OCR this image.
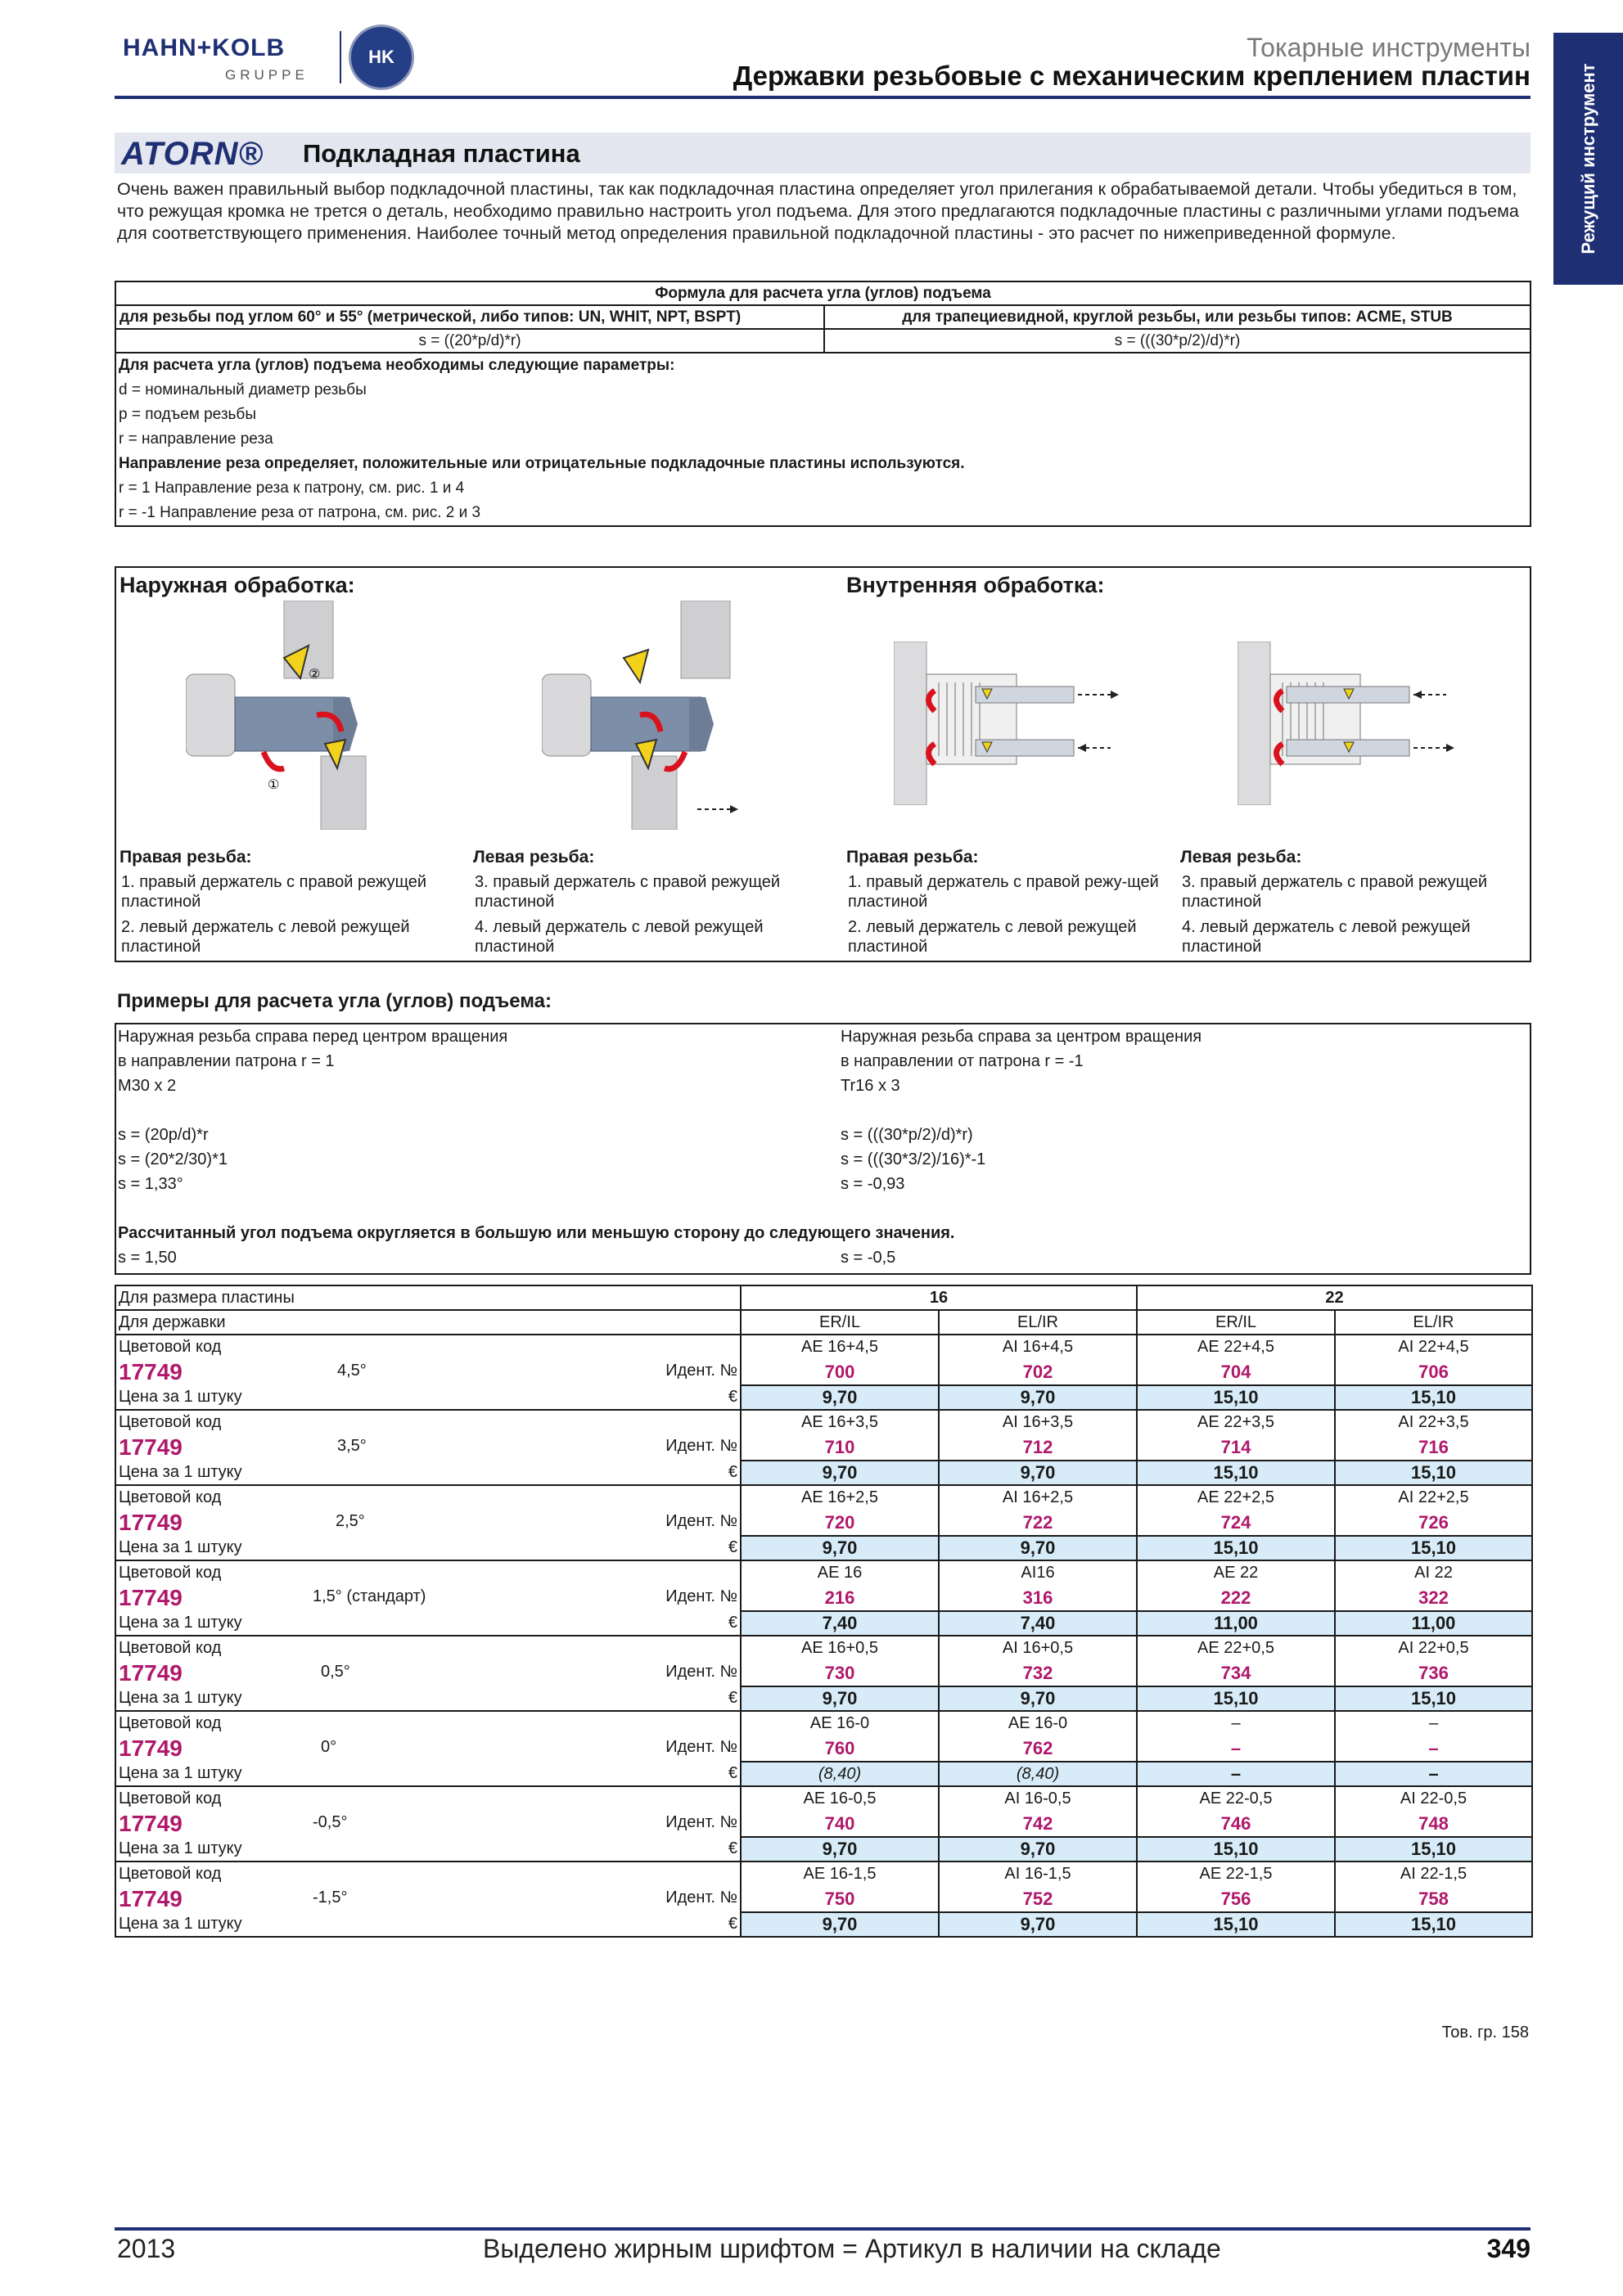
HAHN+KOLB
GRUPPE
HK	Токарные инструменты
Державки резьбовые с механическим креплением пластин	Режущий инструмент
ATORN® Подкладная пластина
Очень важен правильный выбор подкладочной пластины, так как подкладочная пластина определяет угол прилегания к обрабатываемой детали. Чтобы убедиться в том, что режущая кромка не трется о деталь, необходимо правильно настроить угол подъема. Для этого предлагаются подкладочные пластины с различными углами подъема для соответствующего применения. Наиболее точный метод определения правильной подкладочной пластины - это расчет по нижеприведенной формуле.
Формула для расчета угла (углов) подъема	
для резьбы под углом 60° и 55° (метрической, либо типов: UN, WHIT, NPT, BSPT)	для трапециевидной, круглой резьбы, или резьбы типов: ACME, STUB
s = ((20*p/d)*r)	s = (((30*p/2)/d)*r)
Для расчета угла (углов) подъема необходимы следующие параметры:
d = номинальный диаметр резьбы
p = подъем резьбы
r = направление реза
Направление реза определяет, положительные или отрицательные подкладочные пластины используются.
r = 1 Направление реза к патрону, см. рис. 1 и 4
r = -1 Направление реза от патрона, см. рис. 2 и 3
Наружная обработка:	Внутренняя обработка:
②
①
Правая резьба:
1. правый держатель с правой режущей пластиной
2. левый держатель с левой режущей пластиной
Левая резьба:
3. правый держатель с правой режущей пластиной
4. левый держатель с левой режущей пластиной
Правая резьба:
1. правый держатель с правой режу-щей пластиной
2. левый держатель с левой режущей пластиной
Левая резьба:
3. правый держатель с правой режущей пластиной
4. левый держатель с левой режущей пластиной
Примеры для расчета угла (углов) подъема:
Наружная резьба справа перед центром вращения
в направлении патрона r = 1
M30 x 2
s = (20p/d)*r
s = (20*2/30)*1
s = 1,33°
Наружная резьба справа за центром вращения
в направлении от патрона r = -1
Tr16 x 3
s = (((30*p/2)/d)*r)
s = (((30*3/2)/16)*-1
s = -0,93
Рассчитанный угол подъема округляется в большую или меньшую сторону до следующего значения.
s = 1,50	s = -0,5
Для размера пластины	16		22	
Для державки	ER/IL	EL/IR	ER/IL	EL/IR
Цветовой код	AE 16+4,5	AI 16+4,5	AE 22+4,5	AI 22+4,5
17749 4,5° Идент. №	700	702	704	706
Цена за 1 штуку €	9,70	9,70	15,10	15,10
Цветовой код	AE 16+3,5	AI 16+3,5	AE 22+3,5	AI 22+3,5
17749 3,5° Идент. №	710	712	714	716
Цена за 1 штуку €	9,70	9,70	15,10	15,10
Цветовой код	AE 16+2,5	AI 16+2,5	AE 22+2,5	AI 22+2,5
17749 2,5° Идент. №	720	722	724	726
Цена за 1 штуку €	9,70	9,70	15,10	15,10
Цветовой код	AE 16	AI16	AE 22	AI 22
17749 1,5° (стандарт) Идент. №	216	316	222	322
Цена за 1 штуку €	7,40	7,40	11,00	11,00
Цветовой код	AE 16+0,5	AI 16+0,5	AE 22+0,5	AI 22+0,5
17749 0,5° Идент. №	730	732	734	736
Цена за 1 штуку €	9,70	9,70	15,10	15,10
Цветовой код	AE 16-0	AE 16-0	–	–
17749 0° Идент. №	760	762	–	–
Цена за 1 штуку €	(8,40)	(8,40)	–	–
Цветовой код	AE 16-0,5	AI 16-0,5	AE 22-0,5	AI 22-0,5
17749 -0,5° Идент. №	740	742	746	748
Цена за 1 штуку €	9,70	9,70	15,10	15,10
Цветовой код	AE 16-1,5	AI 16-1,5	AE 22-1,5	AI 22-1,5
17749 -1,5° Идент. №	750	752	756	758
Цена за 1 штуку €	9,70	9,70	15,10	15,10
Тов. гр. 158
2013	Выделено жирным шрифтом = Артикул в наличии на складе	349
